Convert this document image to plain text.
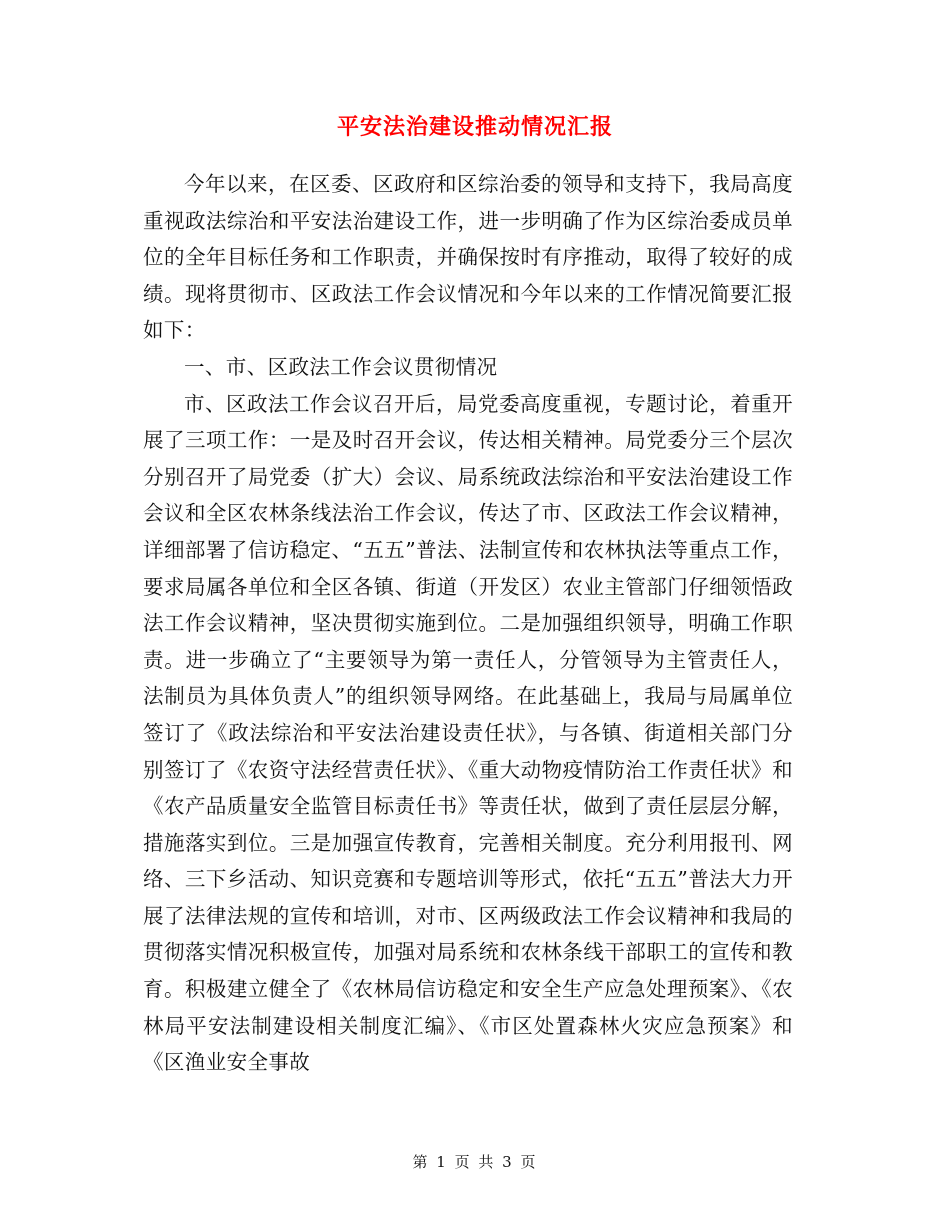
平安法治建设推动情况汇报

今年以来，在区委、区政府和区综治委的领导和支持下，我局高度重视政法综治和平安法治建设工作，进一步明确了作为区综治委成员单位的全年目标任务和工作职责，并确保按时有序推动，取得了较好的成绩。现将贯彻市、区政法工作会议情况和今年以来的工作情况简要汇报如下：

一、市、区政法工作会议贯彻情况

市、区政法工作会议召开后，局党委高度重视，专题讨论，着重开展了三项工作：一是及时召开会议，传达相关精神。局党委分三个层次分别召开了局党委（扩大）会议、局系统政法综治和平安法治建设工作会议和全区农林条线法治工作会议，传达了市、区政法工作会议精神，详细部署了信访稳定、“五五”普法、法制宣传和农林执法等重点工作，要求局属各单位和全区各镇、街道（开发区）农业主管部门仔细领悟政法工作会议精神，坚决贯彻实施到位。二是加强组织领导，明确工作职责。进一步确立了“主要领导为第一责任人，分管领导为主管责任人，法制员为具体负责人”的组织领导网络。在此基础上，我局与局属单位签订了《政法综治和平安法治建设责任状》，与各镇、街道相关部门分别签订了《农资守法经营责任状》、《重大动物疫情防治工作责任状》和《农产品质量安全监管目标责任书》等责任状，做到了责任层层分解，措施落实到位。三是加强宣传教育，完善相关制度。充分利用报刊、网络、三下乡活动、知识竞赛和专题培训等形式，依托“五五”普法大力开展了法律法规的宣传和培训，对市、区两级政法工作会议精神和我局的贯彻落实情况积极宣传，加强对局系统和农林条线干部职工的宣传和教育。积极建立健全了《农林局信访稳定和安全生产应急处理预案》、《农林局平安法制建设相关制度汇编》、《市区处置森林火灾应急预案》和《区渔业安全事故

第 1 页 共 3 页
